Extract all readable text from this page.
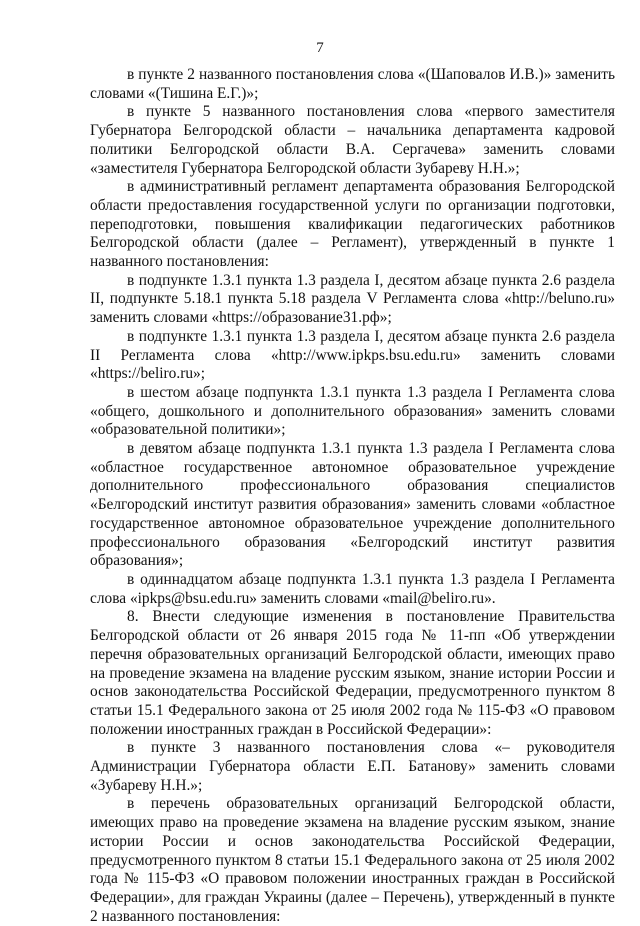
7

в пункте 2 названного постановления слова «(Шаповалов И.В.)» заменить словами «(Тишина Е.Г.)»;

в пункте 5 названного постановления слова «первого заместителя Губернатора Белгородской области – начальника департамента кадровой политики Белгородской области В.А. Сергачева» заменить словами «заместителя Губернатора Белгородской области Зубареву Н.Н.»;

в административный регламент департамента образования Белгородской области предоставления государственной услуги по организации подготовки, переподготовки, повышения квалификации педагогических работников Белгородской области (далее – Регламент), утвержденный в пункте 1 названного постановления:

в подпункте 1.3.1 пункта 1.3 раздела I, десятом абзаце пункта 2.6 раздела II, подпункте 5.18.1 пункта 5.18 раздела V Регламента слова «http://beluno.ru» заменить словами «https://образование31.рф»;

в подпункте 1.3.1 пункта 1.3 раздела I, десятом абзаце пункта 2.6 раздела II Регламента слова «http://www.ipkps.bsu.edu.ru» заменить словами «https://beliro.ru»;

в шестом абзаце подпункта 1.3.1 пункта 1.3 раздела I Регламента слова «общего, дошкольного и дополнительного образования» заменить словами «образовательной политики»;

в девятом абзаце подпункта 1.3.1 пункта 1.3 раздела I Регламента слова «областное государственное автономное образовательное учреждение дополнительного профессионального образования специалистов «Белгородский институт развития образования» заменить словами «областное государственное автономное образовательное учреждение дополнительного профессионального образования «Белгородский институт развития образования»;

в одиннадцатом абзаце подпункта 1.3.1 пункта 1.3 раздела I Регламента слова «ipkps@bsu.edu.ru» заменить словами «mail@beliro.ru».

8. Внести следующие изменения в постановление Правительства Белгородской области от 26 января 2015 года № 11-пп «Об утверждении перечня образовательных организаций Белгородской области, имеющих право на проведение экзамена на владение русским языком, знание истории России и основ законодательства Российской Федерации, предусмотренного пунктом 8 статьи 15.1 Федерального закона от 25 июля 2002 года № 115-ФЗ «О правовом положении иностранных граждан в Российской Федерации»:

в пункте 3 названного постановления слова «– руководителя Администрации Губернатора области Е.П. Батанову» заменить словами «Зубареву Н.Н.»;

в перечень образовательных организаций Белгородской области, имеющих право на проведение экзамена на владение русским языком, знание истории России и основ законодательства Российской Федерации, предусмотренного пунктом 8 статьи 15.1 Федерального закона от 25 июля 2002 года № 115-ФЗ «О правовом положении иностранных граждан в Российской Федерации», для граждан Украины (далее – Перечень), утвержденный в пункте 2 названного постановления:
